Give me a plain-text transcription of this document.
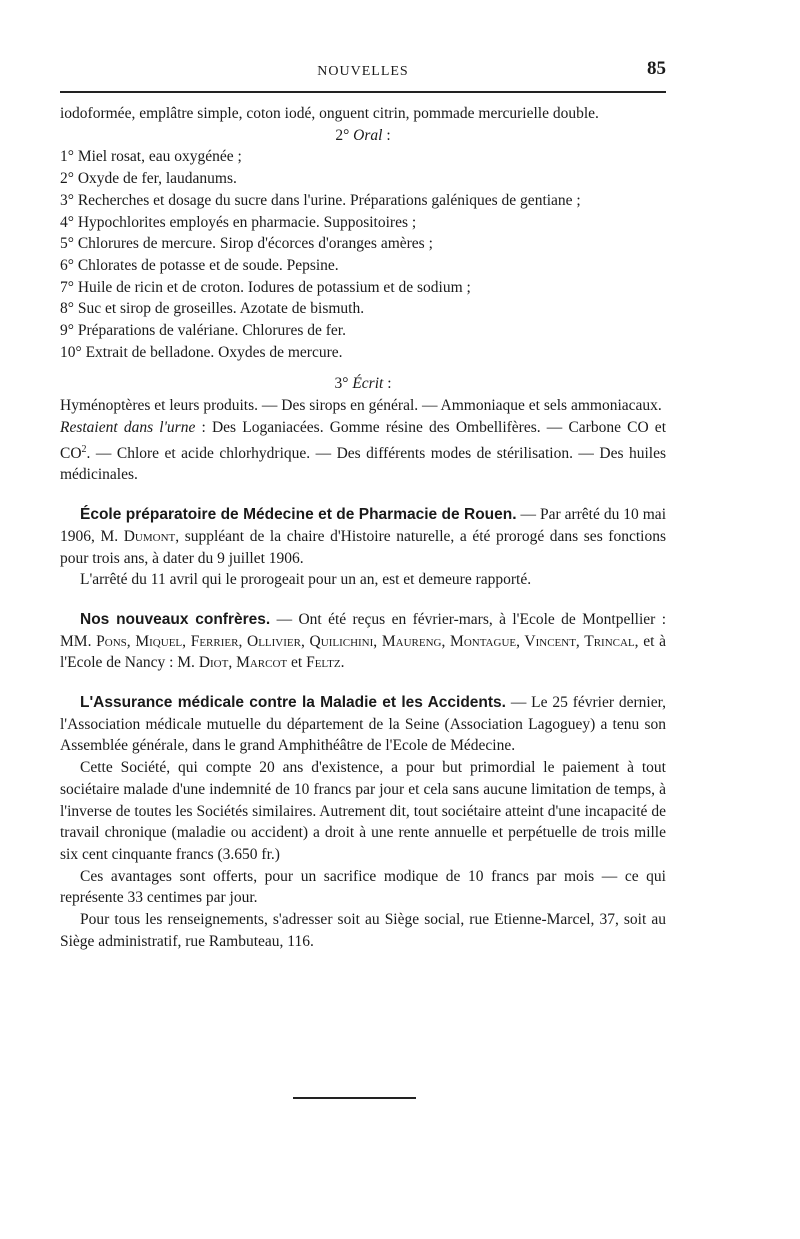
NOUVELLES	85

iodoformée, emplâtre simple, coton iodé, onguent citrin, pommade mercurielle double.

2° Oral :

1° Miel rosat, eau oxygénée ;

2° Oxyde de fer, laudanums.

3° Recherches et dosage du sucre dans l'urine. Préparations galéniques de gentiane ;

4° Hypochlorites employés en pharmacie. Suppositoires ;

5° Chlorures de mercure. Sirop d'écorces d'oranges amères ;

6° Chlorates de potasse et de soude. Pepsine.

7° Huile de ricin et de croton. Iodures de potassium et de sodium ;

8° Suc et sirop de groseilles. Azotate de bismuth.

9° Préparations de valériane. Chlorures de fer.

10° Extrait de belladone. Oxydes de mercure.

3° Écrit :

Hyménoptères et leurs produits. — Des sirops en général. — Ammoniaque et sels ammoniacaux.

Restaient dans l'urne : Des Loganiacées. Gomme résine des Ombellifères. — Carbone CO et $CO^2$. — Chlore et acide chlorhydrique. — Des différents modes de stérilisation. — Des huiles médicinales.

École préparatoire de Médecine et de Pharmacie de Rouen. — Par arrêté du 10 mai 1906, M. Dumont, suppléant de la chaire d'Histoire naturelle, a été prorogé dans ses fonctions pour trois ans, à dater du 9 juillet 1906.

L'arrêté du 11 avril qui le prorogeait pour un an, est et demeure rapporté.

Nos nouveaux confrères. — Ont été reçus en février-mars, à l'Ecole de Montpellier : MM. Pons, Miquel, Ferrier, Ollivier, Quilichini, Maureng, Montague, Vincent, Trincal, et à l'Ecole de Nancy : M. Diot, Marcot et Feltz.

L'Assurance médicale contre la Maladie et les Accidents. — Le 25 février dernier, l'Association médicale mutuelle du département de la Seine (Association Lagoguey) a tenu son Assemblée générale, dans le grand Amphithéâtre de l'Ecole de Médecine.

Cette Société, qui compte 20 ans d'existence, a pour but primordial le paiement à tout sociétaire malade d'une indemnité de 10 francs par jour et cela sans aucune limitation de temps, à l'inverse de toutes les Sociétés similaires. Autrement dit, tout sociétaire atteint d'une incapacité de travail chronique (maladie ou accident) a droit à une rente annuelle et perpétuelle de trois mille six cent cinquante francs (3.650 fr.)

Ces avantages sont offerts, pour un sacrifice modique de 10 francs par mois — ce qui représente 33 centimes par jour.

Pour tous les renseignements, s'adresser soit au Siège social, rue Etienne-Marcel, 37, soit au Siège administratif, rue Rambuteau, 116.
